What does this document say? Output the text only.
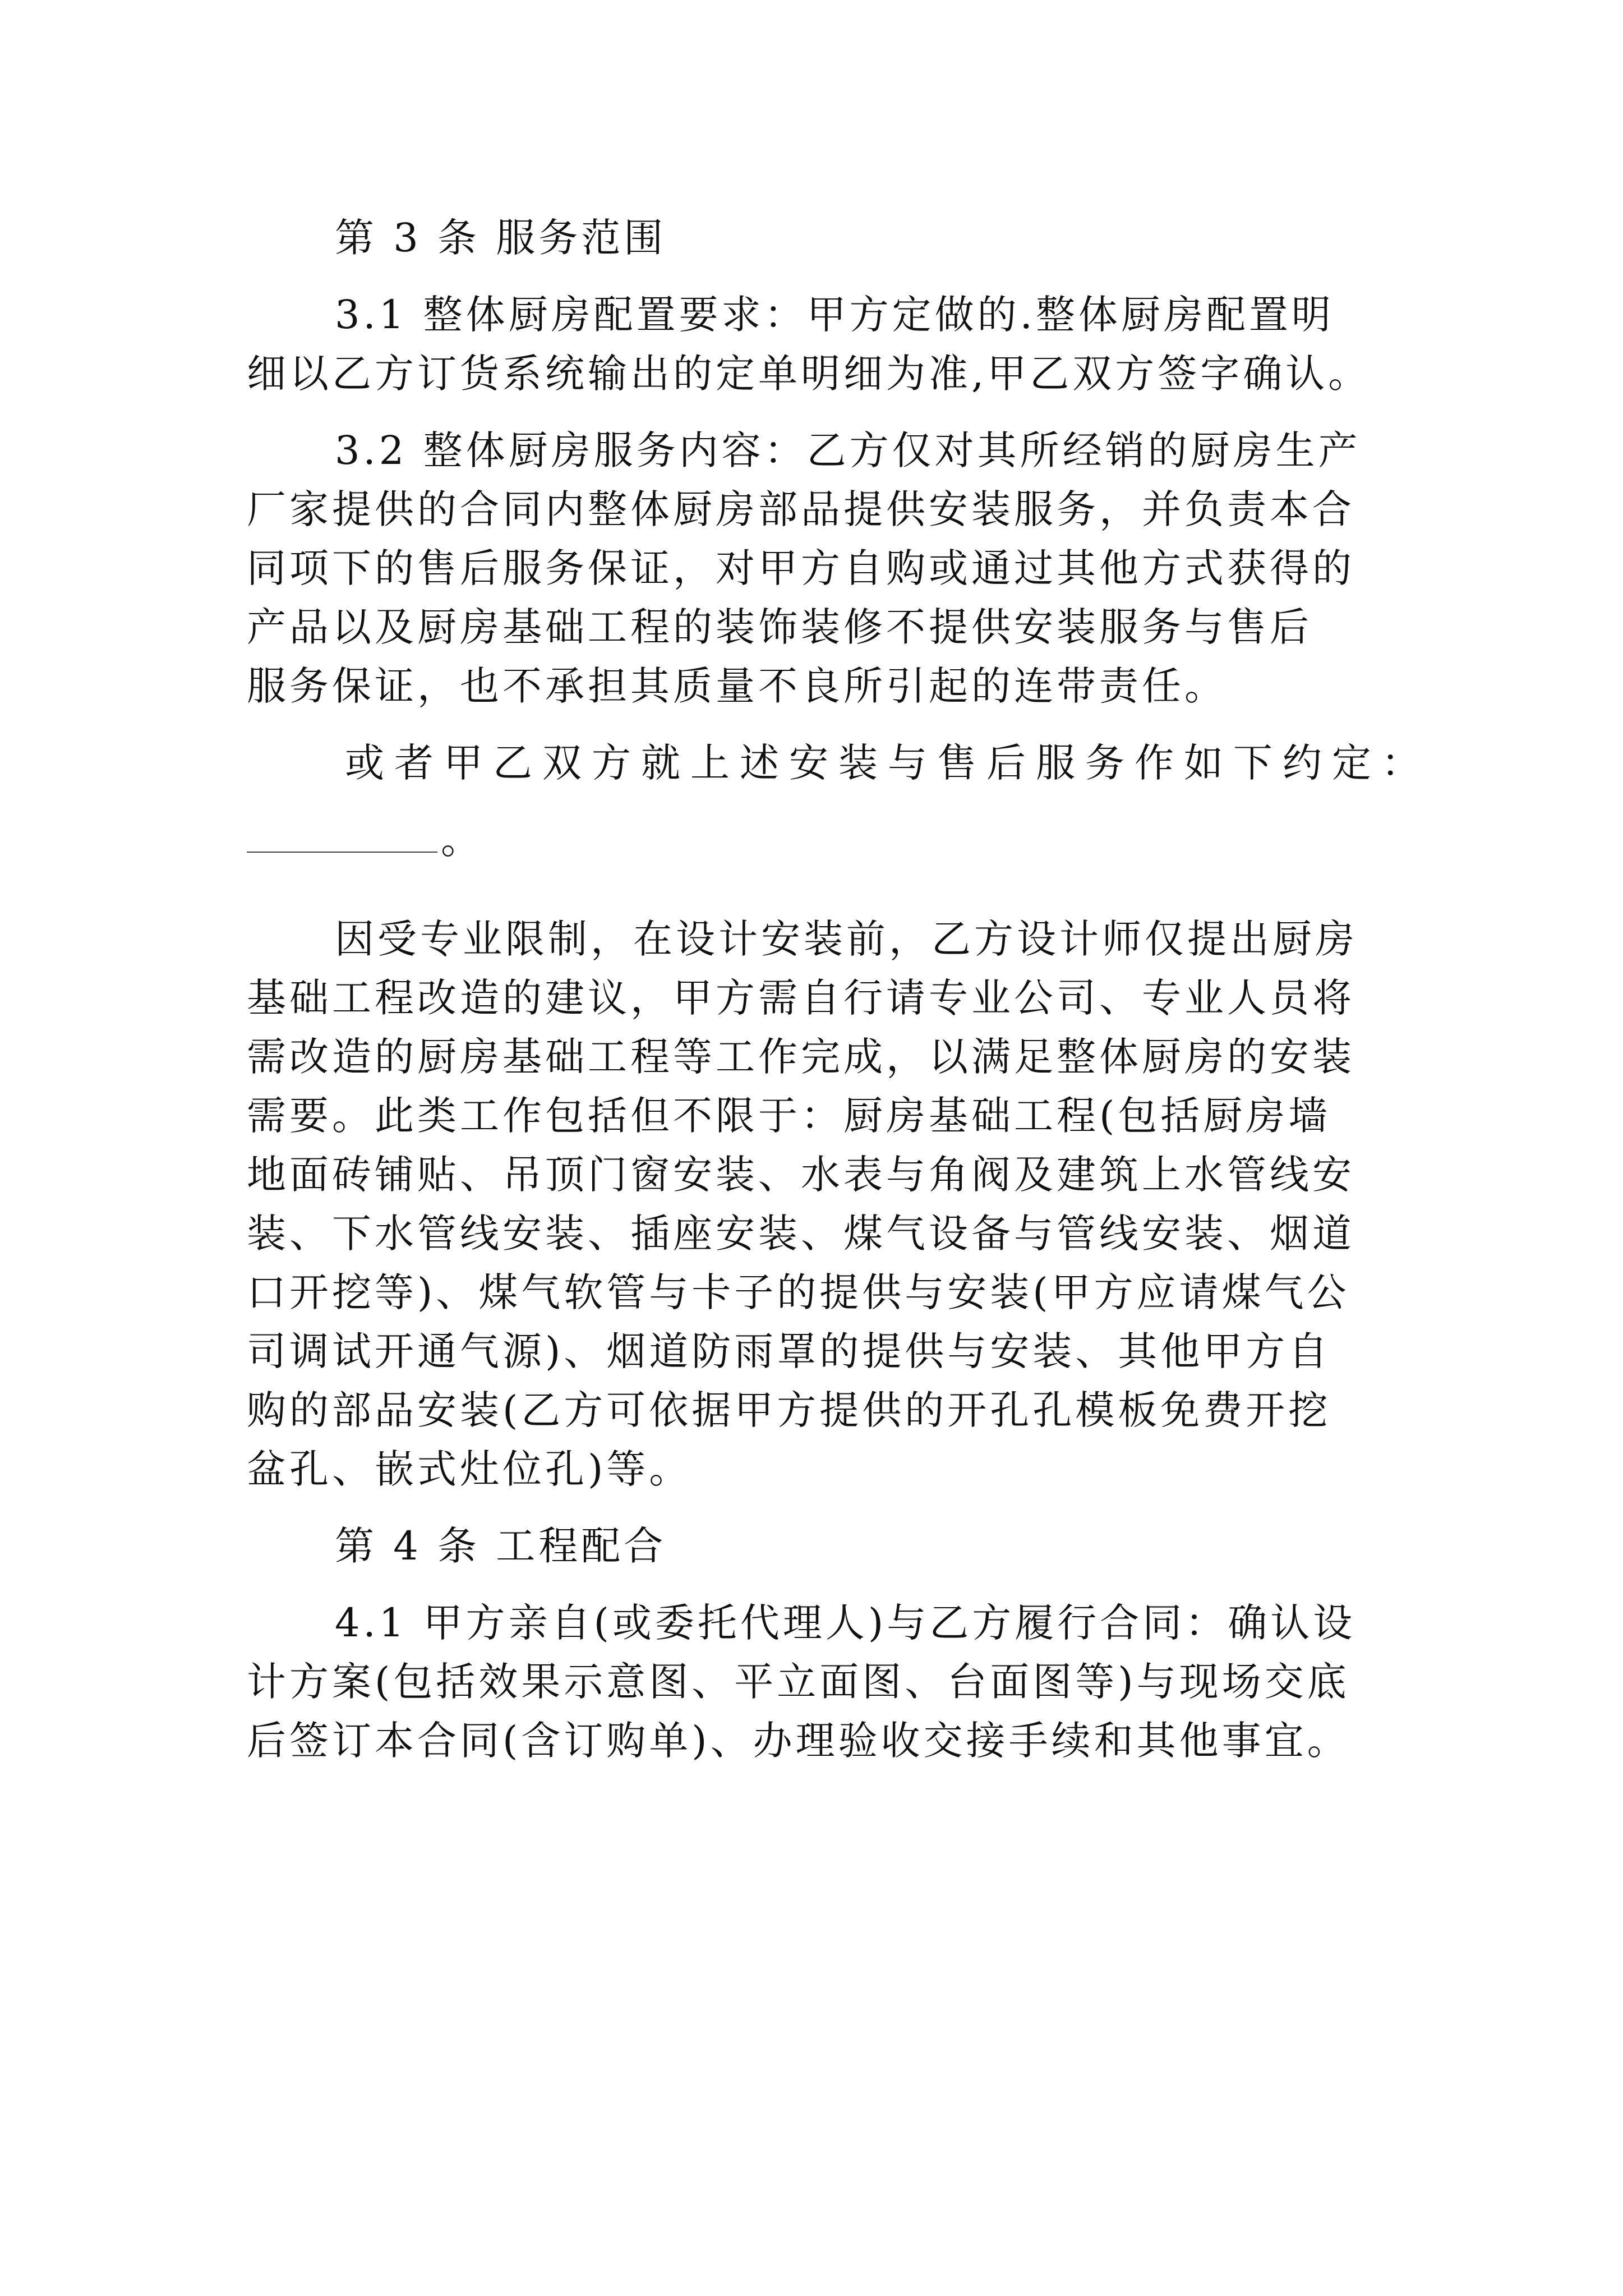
第 3 条 服务范围
3.1 整体厨房配置要求：甲方定做的.整体厨房配置明
细以乙方订货系统输出的定单明细为准,甲乙双方签字确认。
3.2 整体厨房服务内容：乙方仅对其所经销的厨房生产
厂家提供的合同内整体厨房部品提供安装服务，并负责本合
同项下的售后服务保证，对甲方自购或通过其他方式获得的
产品以及厨房基础工程的装饰装修不提供安装服务与售后
服务保证，也不承担其质量不良所引起的连带责任。
或者甲乙双方就上述安装与售后服务作如下约定：
。
因受专业限制，在设计安装前，乙方设计师仅提出厨房
基础工程改造的建议，甲方需自行请专业公司、专业人员将
需改造的厨房基础工程等工作完成，以满足整体厨房的安装
需要。此类工作包括但不限于：厨房基础工程(包括厨房墙
地面砖铺贴、吊顶门窗安装、水表与角阀及建筑上水管线安
装、下水管线安装、插座安装、煤气设备与管线安装、烟道
口开挖等)、煤气软管与卡子的提供与安装(甲方应请煤气公
司调试开通气源)、烟道防雨罩的提供与安装、其他甲方自
购的部品安装(乙方可依据甲方提供的开孔孔模板免费开挖
盆孔、嵌式灶位孔)等。
第 4 条 工程配合
4.1 甲方亲自(或委托代理人)与乙方履行合同：确认设
计方案(包括效果示意图、平立面图、台面图等)与现场交底
后签订本合同(含订购单)、办理验收交接手续和其他事宜。
